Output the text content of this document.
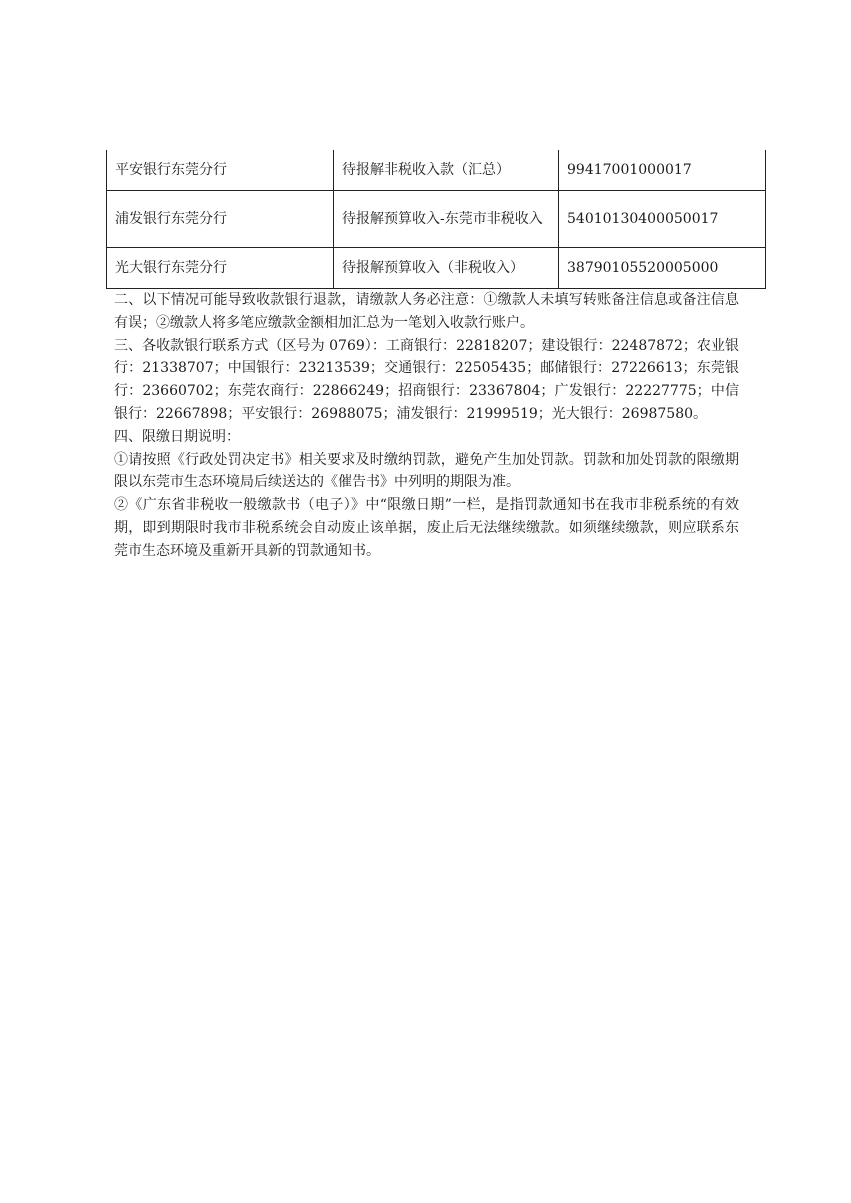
平安银行东莞分行	待报解非税收入款（汇总）	99417001000017
浦发银行东莞分行	待报解预算收入-东莞市非税收入	54010130400050017
光大银行东莞分行	待报解预算收入（非税收入）	38790105520005000

二、以下情况可能导致收款银行退款，请缴款人务必注意：①缴款人未填写转账备注信息或备注信息有误；②缴款人将多笔应缴款金额相加汇总为一笔划入收款行账户。

三、各收款银行联系方式（区号为 0769）：工商银行：22818207；建设银行：22487872；农业银行：21338707；中国银行：23213539；交通银行：22505435；邮储银行：27226613；东莞银行：23660702；东莞农商行：22866249；招商银行：23367804；广发银行：22227775；中信银行：22667898；平安银行：26988075；浦发银行：21999519；光大银行：26987580。

四、限缴日期说明：

①请按照《行政处罚决定书》相关要求及时缴纳罚款，避免产生加处罚款。罚款和加处罚款的限缴期限以东莞市生态环境局后续送达的《催告书》中列明的期限为准。

②《广东省非税收一般缴款书（电子）》中“限缴日期”一栏，是指罚款通知书在我市非税系统的有效期，即到期限时我市非税系统会自动废止该单据，废止后无法继续缴款。如须继续缴款，则应联系东莞市生态环境及重新开具新的罚款通知书。
